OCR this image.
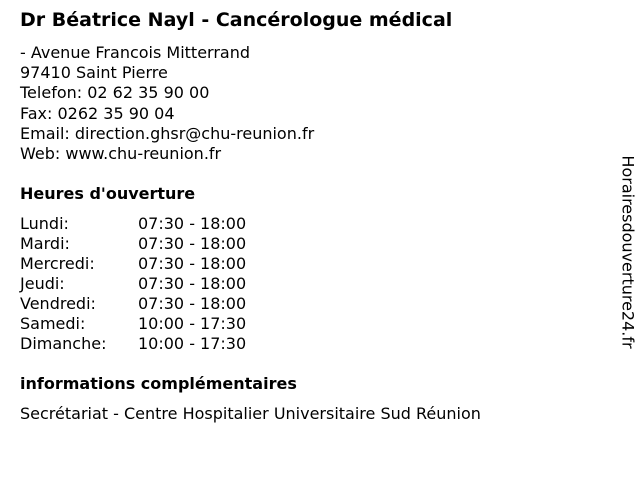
Dr Béatrice Nayl - Cancérologue médical
- Avenue Francois Mitterrand
97410 Saint Pierre
Telefon: 02 62 35 90 00
Fax: 0262 35 90 04
Email: direction.ghsr@chu-reunion.fr
Web: www.chu-reunion.fr
Heures d'ouverture
Lundi:	07:30 - 18:00
Mardi:	07:30 - 18:00
Mercredi:	07:30 - 18:00
Jeudi:	07:30 - 18:00
Vendredi:	07:30 - 18:00
Samedi:	10:00 - 17:30
Dimanche: 10:00 - 17:30
informations complémentaires
Secrétariat - Centre Hospitalier Universitaire Sud Réunion
Horairesdouverture24.fr
